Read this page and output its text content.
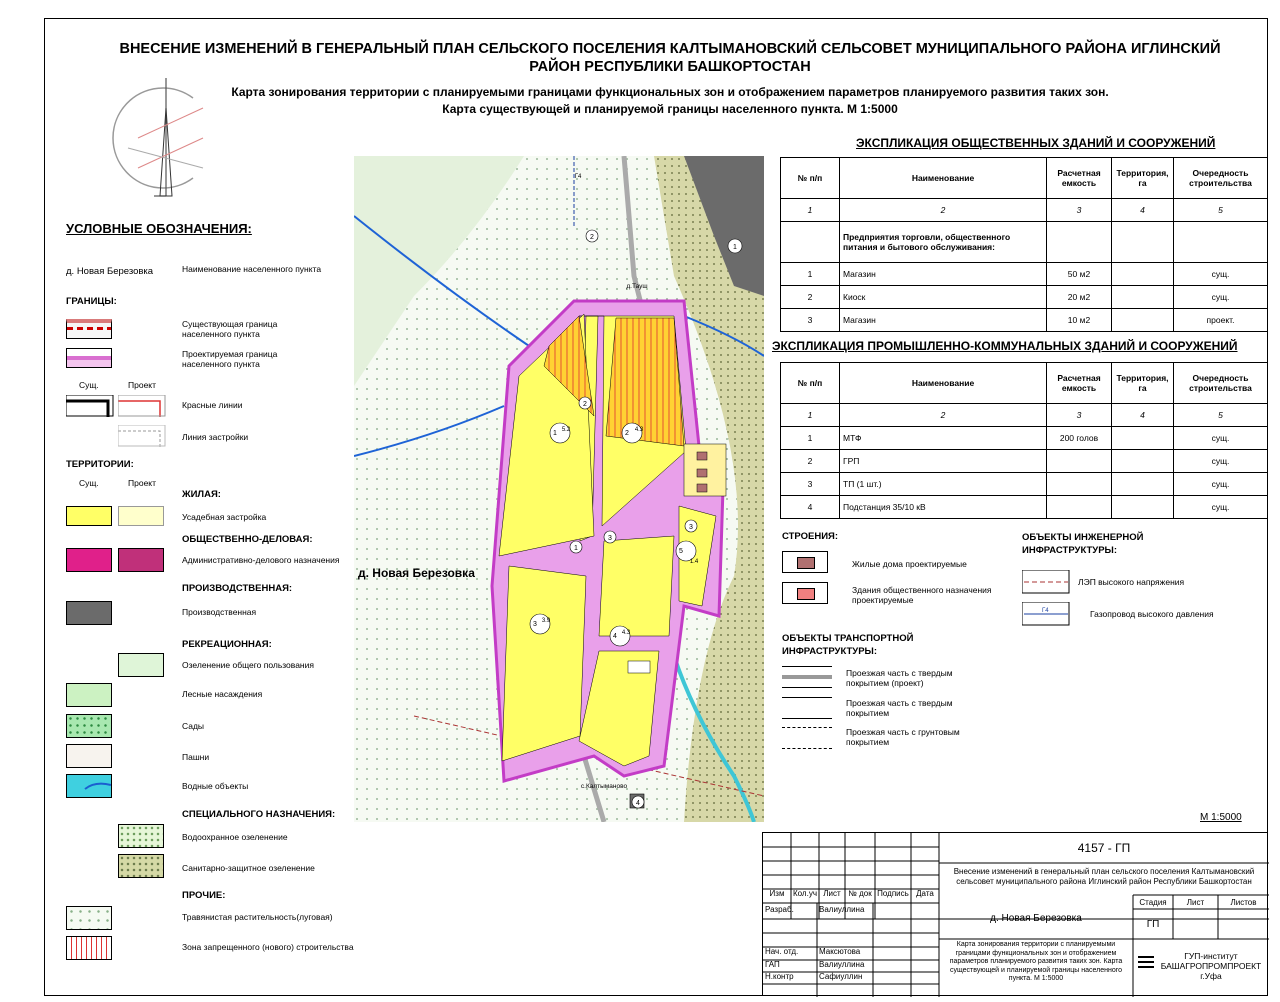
ВНЕСЕНИЕ ИЗМЕНЕНИЙ В ГЕНЕРАЛЬНЫЙ ПЛАН СЕЛЬСКОГО ПОСЕЛЕНИЯ КАЛТЫМАНОВСКИЙ СЕЛЬСОВЕТ МУНИЦИПАЛЬНОГО РАЙОНА ИГЛИНСКИЙ РАЙОН РЕСПУБЛИКИ БАШКОРТОСТАН
Карта зонирования территории с планируемыми границами функциональных зон и отображением параметров планируемого развития таких зон. Карта существующей и планируемой границы населенного пункта. М 1:5000
УСЛОВНЫЕ ОБОЗНАЧЕНИЯ:
д. Новая Березовка	Наименование населенного пункта
ГРАНИЦЫ:
Существующая граница населенного пункта
Проектируемая граница населенного пункта
Сущ.	Проект
Красные линии
Линия застройки
ТЕРРИТОРИИ:
Сущ.	Проект
ЖИЛАЯ:
Усадебная застройка
ОБЩЕСТВЕННО-ДЕЛОВАЯ:
Административно-делового назначения
ПРОИЗВОДСТВЕННАЯ:
Производственная
РЕКРЕАЦИОННАЯ:
Озеленение общего пользования
Лесные насаждения
Сады
Пашни
Водные объекты
СПЕЦИАЛЬНОГО НАЗНАЧЕНИЯ:
Водоохранное озеленение
Санитарно-защитное озеленение
ПРОЧИЕ:
Травянистая растительность(луговая)
Зона запрещенного (нового) строительства
1
2
2
3
3
1
4
1 5.2	2 4.3
3 3.9
4 4.3
5
1.4
д.Тауш
с.Калтыманово
Г4
д. Новая Березовка
ЭКСПЛИКАЦИЯ ОБЩЕСТВЕННЫХ ЗДАНИЙ И СООРУЖЕНИЙ
№ п/п	Наименование	Расчетная емкость	Территория, га	Очередность строительства
1	2	3	4	5
	Предприятия торговли, общественного питания и бытового обслуживания:			
1	Магазин	50 м2		сущ.
2	Киоск	20 м2		сущ.
3	Магазин	10 м2		проект.
ЭКСПЛИКАЦИЯ ПРОМЫШЛЕННО-КОММУНАЛЬНЫХ ЗДАНИЙ И СООРУЖЕНИЙ
№ п/п	Наименование	Расчетная емкость	Территория, га	Очередность строительства
1	2	3	4	5
1	МТФ	200 голов		сущ.
2	ГРП			сущ.
3	ТП (1 шт.)			сущ.
4	Подстанция 35/10 кВ			сущ.
СТРОЕНИЯ:
Жилые дома проектируемые
Здания общественного назначения проектируемые
ОБЪЕКТЫ ИНЖЕНЕРНОЙ ИНФРАСТРУКТУРЫ:
ЛЭП высокого напряжения
Г4	Газопровод высокого давления
ОБЪЕКТЫ ТРАНСПОРТНОЙ ИНФРАСТРУКТУРЫ:
Проезжая часть с твердым покрытием (проект)
Проезжая часть с твердым покрытием
Проезжая часть с грунтовым покрытием
М 1:5000
4157 - ГП
Внесение изменений в генеральный план сельского поселения Калтымановский сельсовет муниципального района Иглинский район Республики Башкортостан
Изм	Кол.уч Лист № док Подпись Дата
Разраб.	Валиуллина
Нач. отд.	Максютова
ГАП	Валиуллина
Н.контр	Сафиуллин
д. Новая Березовка
Стадия	Лист	Листов
ГП
Карта зонирования территории с планируемыми границами функциональных зон и отображением параметров планируемого развития таких зон. Карта существующей и планируемой границы населенного пункта. М 1:5000
ГУП-институт БАШАГРОПРОМПРОЕКТ г.Уфа
